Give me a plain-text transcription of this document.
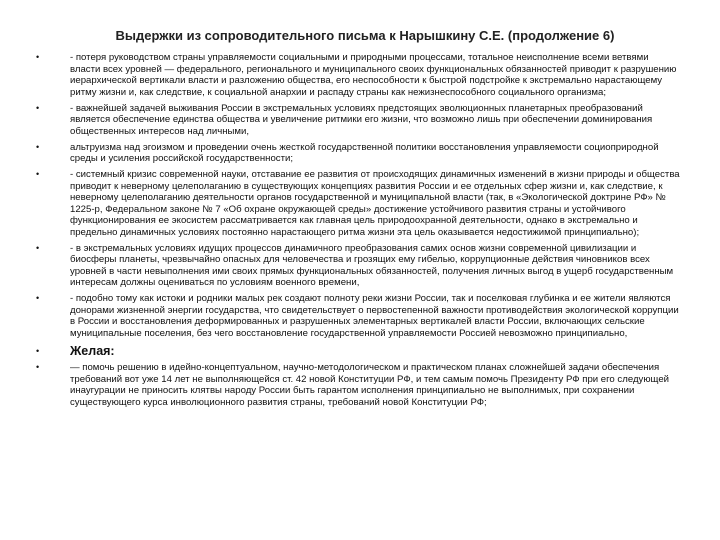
Выдержки из сопроводительного письма к Нарышкину С.Е. (продолжение 6)
•	- потеря руководством страны управляемости социальными и природными процессами, тотальное неисполнение всеми ветвями власти всех уровней — федерального, регионального и муниципального своих функциональных обязанностей приводит к разрушению иерархической вертикали власти и разложению общества, его неспособности к быстрой подстройке к экстремально нарастающему ритму жизни и, как следствие, к социальной анархии и распаду страны как нежизнеспособного социального организма;
•	- важнейшей задачей выживания России в экстремальных условиях предстоящих эволюционных планетарных преобразований является обеспечение единства общества и увеличение ритмики его жизни, что возможно лишь при обеспечении доминирования общественных интересов над личными,
•	альтруизма над эгоизмом и проведении очень жесткой государственной политики восстановления управляемости социоприродной среды и усиления российской государственности;
•	- системный кризис современной науки, отставание ее развития от происходящих динамичных изменений в жизни природы и общества приводит к неверному целеполаганию в существующих концепциях развития России и ее отдельных сфер жизни и, как следствие, к неверному целеполаганию деятельности органов государственной и муниципальной власти (так, в «Экологической доктрине РФ» № 1225-р, Федеральном законе № 7 «Об охране окружающей среды» достижение устойчивого развития страны и устойчивого функционирования ее экосистем рассматривается как главная цель природоохранной деятельности, однако в экстремально и предельно динамичных условиях постоянно нарастающего ритма жизни эта цель оказывается недостижимой принципиально);
•	- в экстремальных условиях идущих процессов динамичного преобразования самих основ жизни современной цивилизации и биосферы планеты, чрезвычайно опасных для человечества и грозящих ему гибелью, коррупционные действия чиновников всех уровней в части невыполнения ими своих прямых функциональных обязанностей, получения личных выгод в ущерб государственным интересам должны оцениваться по условиям военного времени,
•	- подобно тому как истоки и родники малых рек создают полноту реки жизни России, так и поселковая глубинка и ее жители являются донорами жизненной энергии государства, что свидетельствует о первостепенной важности противодействия экологической коррупции в России и восстановления деформированных и разрушенных элементарных вертикалей власти России, включающих сельские муниципальные поселения, без чего восстановление государственной управляемости Россией невозможно принципиально,
• Желая:
•	— помочь решению в идейно-концептуальном, научно-методологическом и практическом планах сложнейшей задачи обеспечения требований вот уже 14 лет не выполняющейся ст. 42 новой Конституции РФ, и тем самым помочь Президенту РФ при его следующей инаугурации не приносить клятвы народу России быть гарантом исполнения принципиально не выполнимых, при сохранении существующего курса инволюционного развития страны, требований новой Конституции РФ;
